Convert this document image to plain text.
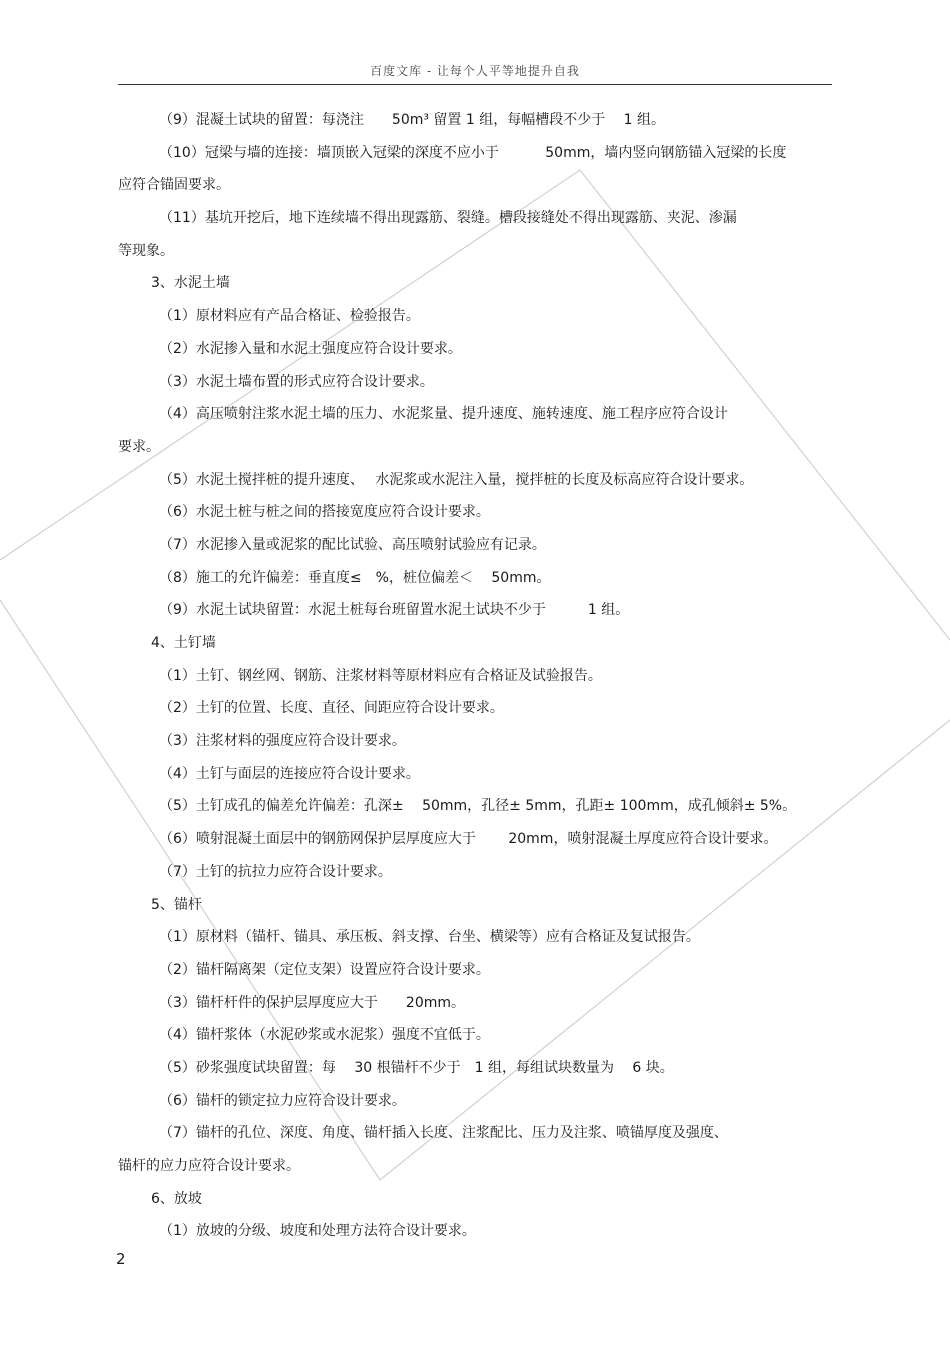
百度文库 - 让每个人平等地提升自我
（9）混凝土试块的留置：每浇注　　50m³ 留置 1 组，每幅槽段不少于　 1 组。
（10）冠梁与墙的连接：墙顶嵌入冠梁的深度不应小于　　　 50mm，墙内竖向钢筋锚入冠梁的长度
应符合锚固要求。
（11）基坑开挖后，地下连续墙不得出现露筋、裂缝。槽段接缝处不得出现露筋、夹泥、渗漏
等现象。
3、水泥土墙
（1）原材料应有产品合格证、检验报告。
（2）水泥掺入量和水泥土强度应符合设计要求。
（3）水泥土墙布置的形式应符合设计要求。
（4）高压喷射注浆水泥土墙的压力、水泥浆量、提升速度、施转速度、施工程序应符合设计
要求。
（5）水泥土搅拌桩的提升速度、　 水泥浆或水泥注入量，搅拌桩的长度及标高应符合设计要求。
（6）水泥土桩与桩之间的搭接宽度应符合设计要求。
（7）水泥掺入量或泥浆的配比试验、高压喷射试验应有记录。
（8）施工的允许偏差：垂直度≤　%，桩位偏差＜　 50mm。
（9）水泥土试块留置：水泥土桩每台班留置水泥土试块不少于　　　1 组。
4、土钉墙
（1）土钉、钢丝网、钢筋、注浆材料等原材料应有合格证及试验报告。
（2）土钉的位置、长度、直径、间距应符合设计要求。
（3）注浆材料的强度应符合设计要求。
（4）土钉与面层的连接应符合设计要求。
（5）土钉成孔的偏差允许偏差：孔深±　 50mm，孔径± 5mm，孔距± 100mm，成孔倾斜± 5%。
（6）喷射混凝土面层中的钢筋网保护层厚度应大于　　 20mm，喷射混凝土厚度应符合设计要求。
（7）土钉的抗拉力应符合设计要求。
5、锚杆
（1）原材料（锚杆、锚具、承压板、斜支撑、台坐、横梁等）应有合格证及复试报告。
（2）锚杆隔离架（定位支架）设置应符合设计要求。
（3）锚杆杆件的保护层厚度应大于　　20mm。
（4）锚杆浆体（水泥砂浆或水泥浆）强度不宜低于。
（5）砂浆强度试块留置：每　 30 根锚杆不少于　1 组，每组试块数量为　 6 块。
（6）锚杆的锁定拉力应符合设计要求。
（7）锚杆的孔位、深度、角度、锚杆插入长度、注浆配比、压力及注浆、喷锚厚度及强度、
锚杆的应力应符合设计要求。
6、放坡
（1）放坡的分级、坡度和处理方法符合设计要求。
2
